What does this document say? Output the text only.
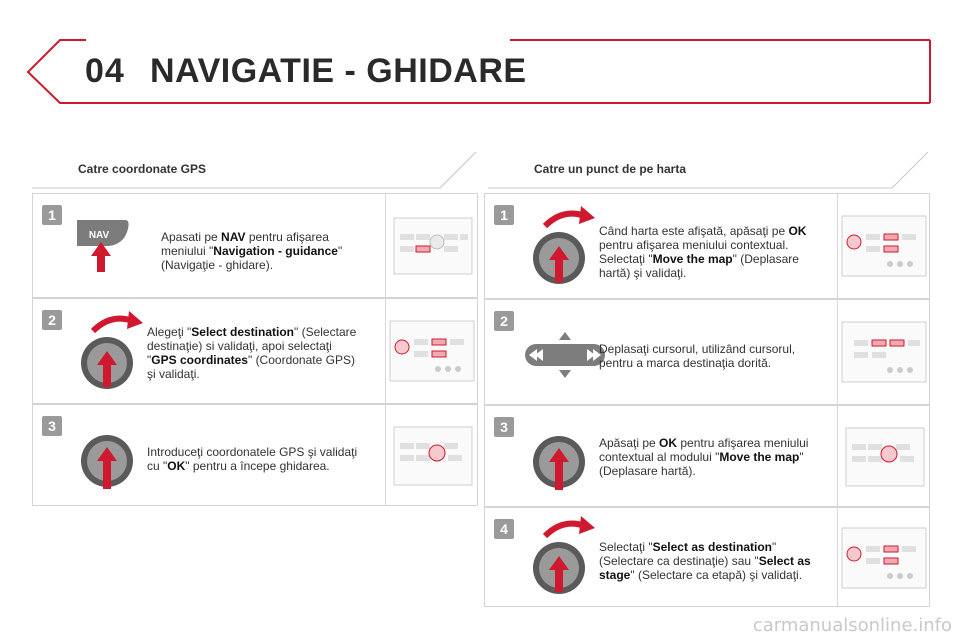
04 NAVIGATIE - GHIDARE
Catre coordonate GPS	Catre un punct de pe harta
1
NAV	Apasati pe NAV pentru afişarea
meniului "Navigation - guidance"
(Navigaţie - ghidare).
2
Alegeţi "Select destination" (Selectare
destinaţie) si validaţi, apoi selectaţi
"GPS coordinates" (Coordonate GPS)
şi validaţi.
3
Introduceţi coordonatele GPS şi validaţi
cu "OK" pentru a începe ghidarea.
1
Când harta este afişată, apăsaţi pe OK
pentru afişarea meniului contextual.
Selectaţi "Move the map" (Deplasare
hartă) şi validaţi.
2
Deplasaţi cursorul, utilizând cursorul,
pentru a marca destinaţia dorită.
3
Apăsaţi pe OK pentru afişarea meniului
contextual al modului "Move the map"
(Deplasare hartă).
4
Selectaţi "Select as destination"
(Selectare ca destinaţie) sau "Select as
stage" (Selectare ca etapă) şi validaţi.
carmanualsonline.info
